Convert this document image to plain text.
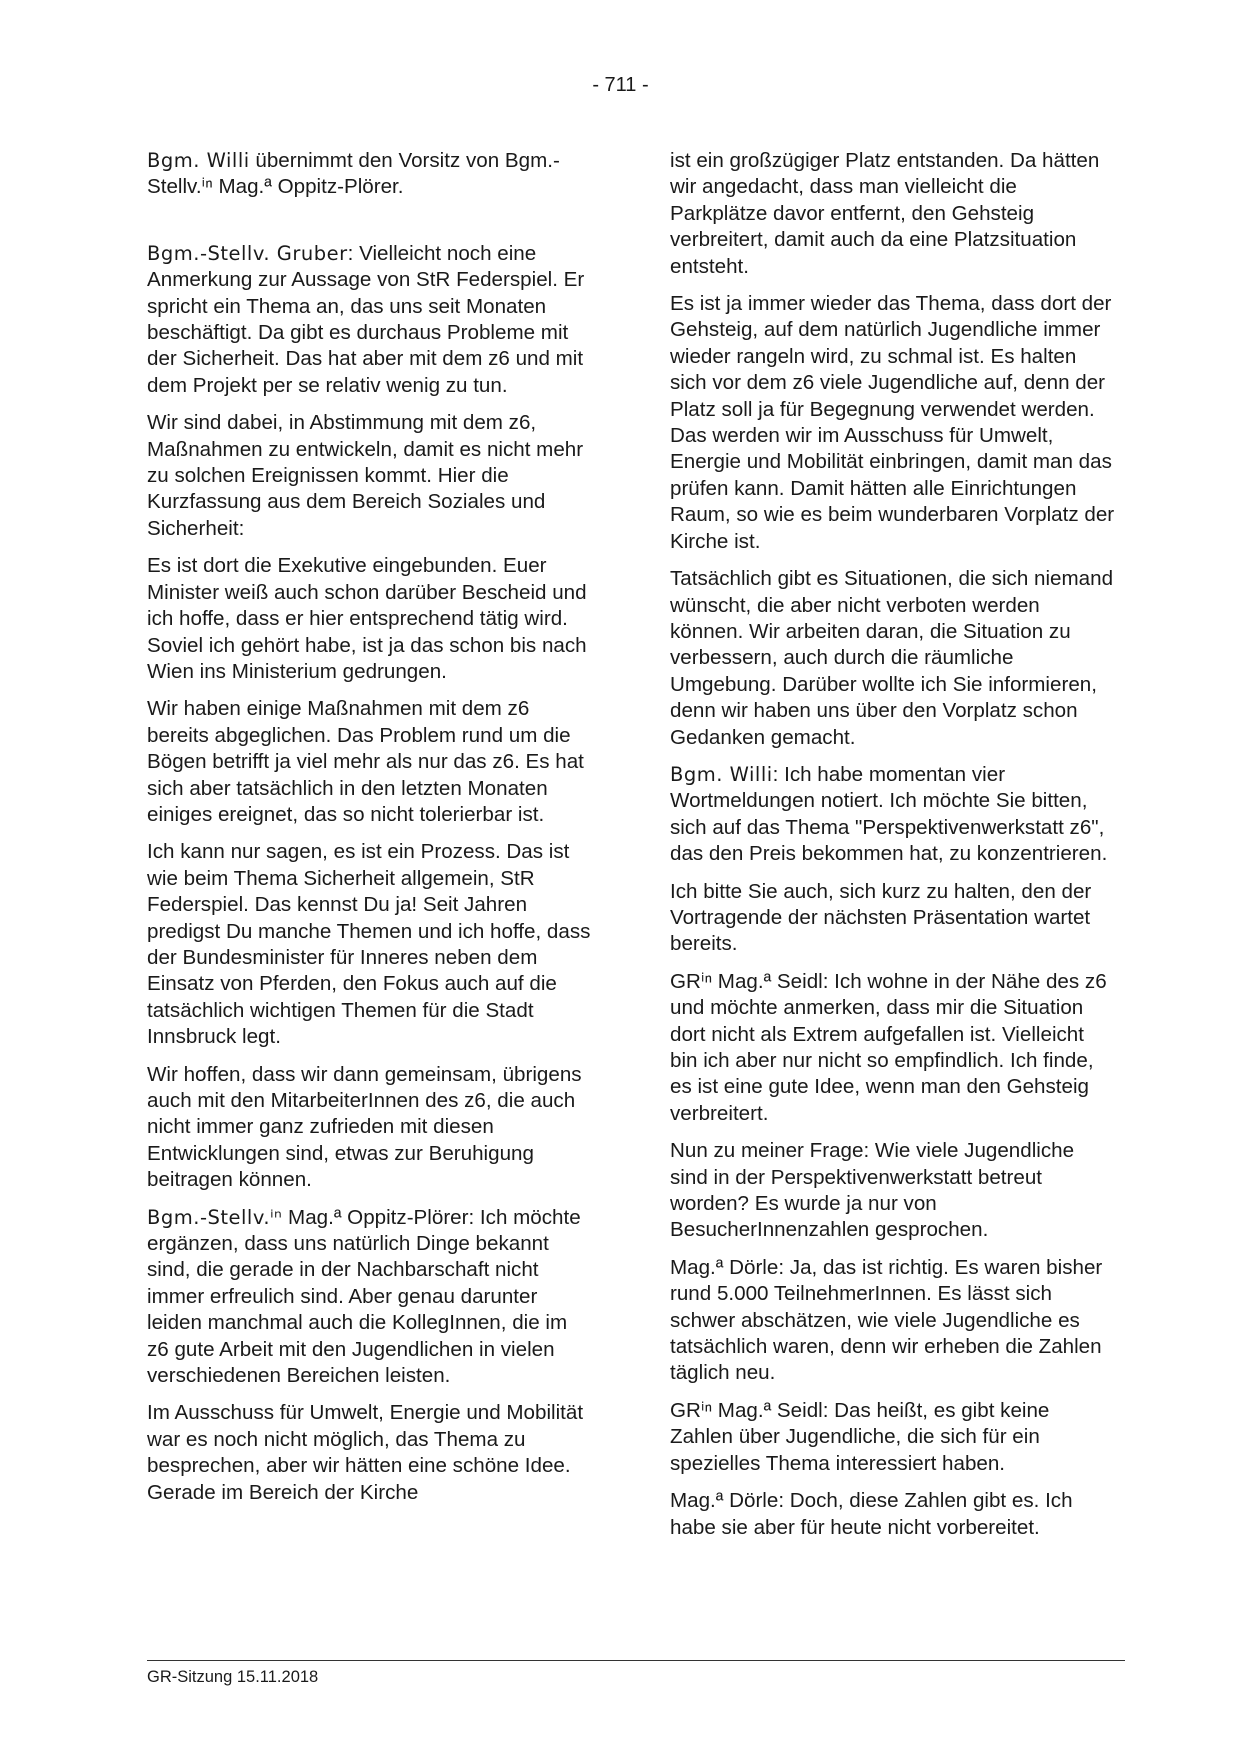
- 711 -

Bgm. Willi übernimmt den Vorsitz von Bgm.-Stellv.ⁱⁿ Mag.ª Oppitz-Plörer.

Bgm.-Stellv. Gruber: Vielleicht noch eine Anmerkung zur Aussage von StR Federspiel. Er spricht ein Thema an, das uns seit Monaten beschäftigt. Da gibt es durchaus Probleme mit der Sicherheit. Das hat aber mit dem z6 und mit dem Projekt per se relativ wenig zu tun.

Wir sind dabei, in Abstimmung mit dem z6, Maßnahmen zu entwickeln, damit es nicht mehr zu solchen Ereignissen kommt. Hier die Kurzfassung aus dem Bereich Soziales und Sicherheit:

Es ist dort die Exekutive eingebunden. Euer Minister weiß auch schon darüber Bescheid und ich hoffe, dass er hier entsprechend tätig wird. Soviel ich gehört habe, ist ja das schon bis nach Wien ins Ministerium gedrungen.

Wir haben einige Maßnahmen mit dem z6 bereits abgeglichen. Das Problem rund um die Bögen betrifft ja viel mehr als nur das z6. Es hat sich aber tatsächlich in den letzten Monaten einiges ereignet, das so nicht tolerierbar ist.

Ich kann nur sagen, es ist ein Prozess. Das ist wie beim Thema Sicherheit allgemein, StR Federspiel. Das kennst Du ja! Seit Jahren predigst Du manche Themen und ich hoffe, dass der Bundesminister für Inneres neben dem Einsatz von Pferden, den Fokus auch auf die tatsächlich wichtigen Themen für die Stadt Innsbruck legt.

Wir hoffen, dass wir dann gemeinsam, übrigens auch mit den MitarbeiterInnen des z6, die auch nicht immer ganz zufrieden mit diesen Entwicklungen sind, etwas zur Beruhigung beitragen können.

Bgm.-Stellv.ⁱⁿ Mag.ª Oppitz-Plörer: Ich möchte ergänzen, dass uns natürlich Dinge bekannt sind, die gerade in der Nachbarschaft nicht immer erfreulich sind. Aber genau darunter leiden manchmal auch die KollegInnen, die im z6 gute Arbeit mit den Jugendlichen in vielen verschiedenen Bereichen leisten.

Im Ausschuss für Umwelt, Energie und Mobilität war es noch nicht möglich, das Thema zu besprechen, aber wir hätten eine schöne Idee. Gerade im Bereich der Kirche

ist ein großzügiger Platz entstanden. Da hätten wir angedacht, dass man vielleicht die Parkplätze davor entfernt, den Gehsteig verbreitert, damit auch da eine Platzsituation entsteht.

Es ist ja immer wieder das Thema, dass dort der Gehsteig, auf dem natürlich Jugendliche immer wieder rangeln wird, zu schmal ist. Es halten sich vor dem z6 viele Jugendliche auf, denn der Platz soll ja für Begegnung verwendet werden. Das werden wir im Ausschuss für Umwelt, Energie und Mobilität einbringen, damit man das prüfen kann. Damit hätten alle Einrichtungen Raum, so wie es beim wunderbaren Vorplatz der Kirche ist.

Tatsächlich gibt es Situationen, die sich niemand wünscht, die aber nicht verboten werden können. Wir arbeiten daran, die Situation zu verbessern, auch durch die räumliche Umgebung. Darüber wollte ich Sie informieren, denn wir haben uns über den Vorplatz schon Gedanken gemacht.

Bgm. Willi: Ich habe momentan vier Wortmeldungen notiert. Ich möchte Sie bitten, sich auf das Thema "Perspektivenwerkstatt z6", das den Preis bekommen hat, zu konzentrieren.

Ich bitte Sie auch, sich kurz zu halten, den der Vortragende der nächsten Präsentation wartet bereits.

GRⁱⁿ Mag.ª Seidl: Ich wohne in der Nähe des z6 und möchte anmerken, dass mir die Situation dort nicht als Extrem aufgefallen ist. Vielleicht bin ich aber nur nicht so empfindlich. Ich finde, es ist eine gute Idee, wenn man den Gehsteig verbreitert.

Nun zu meiner Frage: Wie viele Jugendliche sind in der Perspektivenwerkstatt betreut worden? Es wurde ja nur von BesucherInnenzahlen gesprochen.

Mag.ª Dörle: Ja, das ist richtig. Es waren bisher rund 5.000 TeilnehmerInnen. Es lässt sich schwer abschätzen, wie viele Jugendliche es tatsächlich waren, denn wir erheben die Zahlen täglich neu.

GRⁱⁿ Mag.ª Seidl: Das heißt, es gibt keine Zahlen über Jugendliche, die sich für ein spezielles Thema interessiert haben.

Mag.ª Dörle: Doch, diese Zahlen gibt es. Ich habe sie aber für heute nicht vorbereitet.

GR-Sitzung 15.11.2018
